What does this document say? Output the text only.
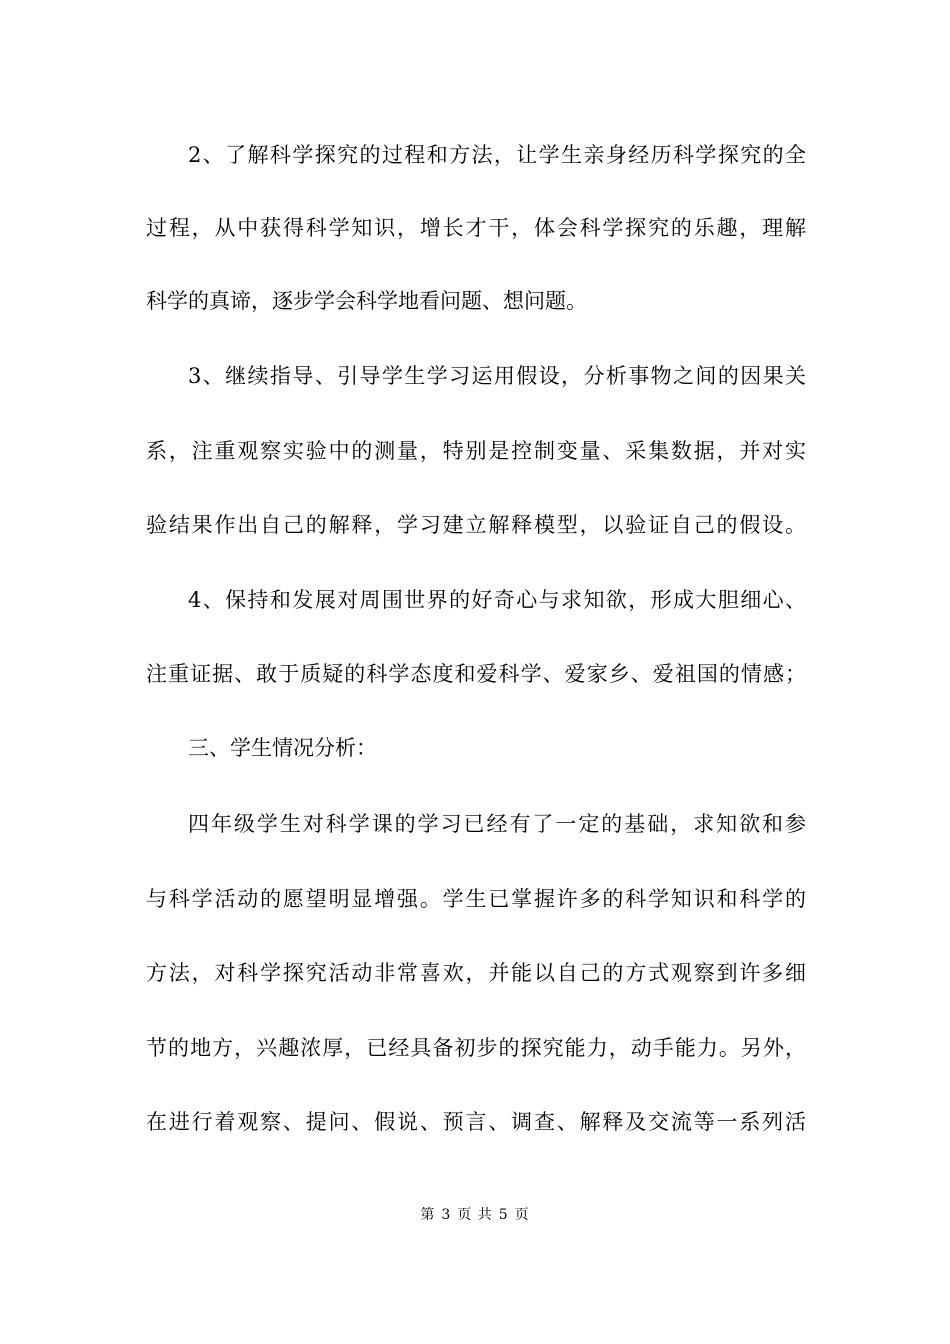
2、了解科学探究的过程和方法，让学生亲身经历科学探究的全
过程，从中获得科学知识，增长才干，体会科学探究的乐趣，理解
科学的真谛，逐步学会科学地看问题、想问题。
3、继续指导、引导学生学习运用假设，分析事物之间的因果关
系，注重观察实验中的测量，特别是控制变量、采集数据，并对实
验结果作出自己的解释，学习建立解释模型，以验证自己的假设。
4、保持和发展对周围世界的好奇心与求知欲，形成大胆细心、
注重证据、敢于质疑的科学态度和爱科学、爱家乡、爱祖国的情感；
三、学生情况分析：
四年级学生对科学课的学习已经有了一定的基础，求知欲和参
与科学活动的愿望明显增强。学生已掌握许多的科学知识和科学的
方法，对科学探究活动非常喜欢，并能以自己的方式观察到许多细
节的地方，兴趣浓厚，已经具备初步的探究能力，动手能力。另外，
在进行着观察、提问、假说、预言、调查、解释及交流等一系列活
第 3 页 共 5 页
